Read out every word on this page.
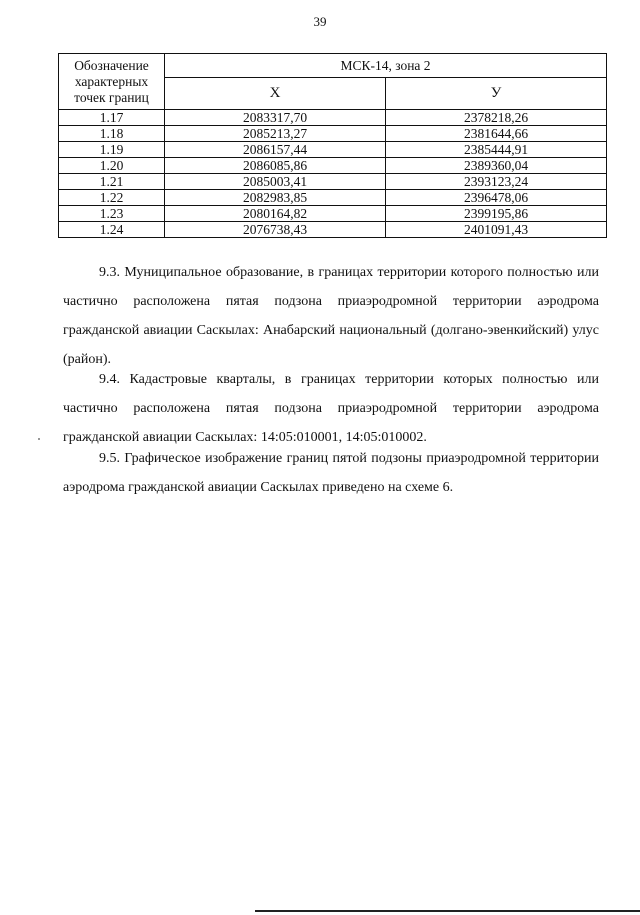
39
Обозначение характерных точек границ	МСК-14, зона 2	
	X	У
1.17	2083317,70	2378218,26
1.18	2085213,27	2381644,66
1.19	2086157,44	2385444,91
1.20	2086085,86	2389360,04
1.21	2085003,41	2393123,24
1.22	2082983,85	2396478,06
1.23	2080164,82	2399195,86
1.24	2076738,43	2401091,43

9.3. Муниципальное образование, в границах территории которого полностью или частично расположена пятая подзона приаэродромной территории аэродрома гражданской авиации Саскылах: Анабарский национальный (долгано-эвенкийский) улус (район).

9.4. Кадастровые кварталы, в границах территории которых полностью или частично расположена пятая подзона приаэродромной территории аэродрома гражданской авиации Саскылах: 14:05:010001, 14:05:010002.

9.5. Графическое изображение границ пятой подзоны приаэродромной территории аэродрома гражданской авиации Саскылах приведено на схеме 6.
